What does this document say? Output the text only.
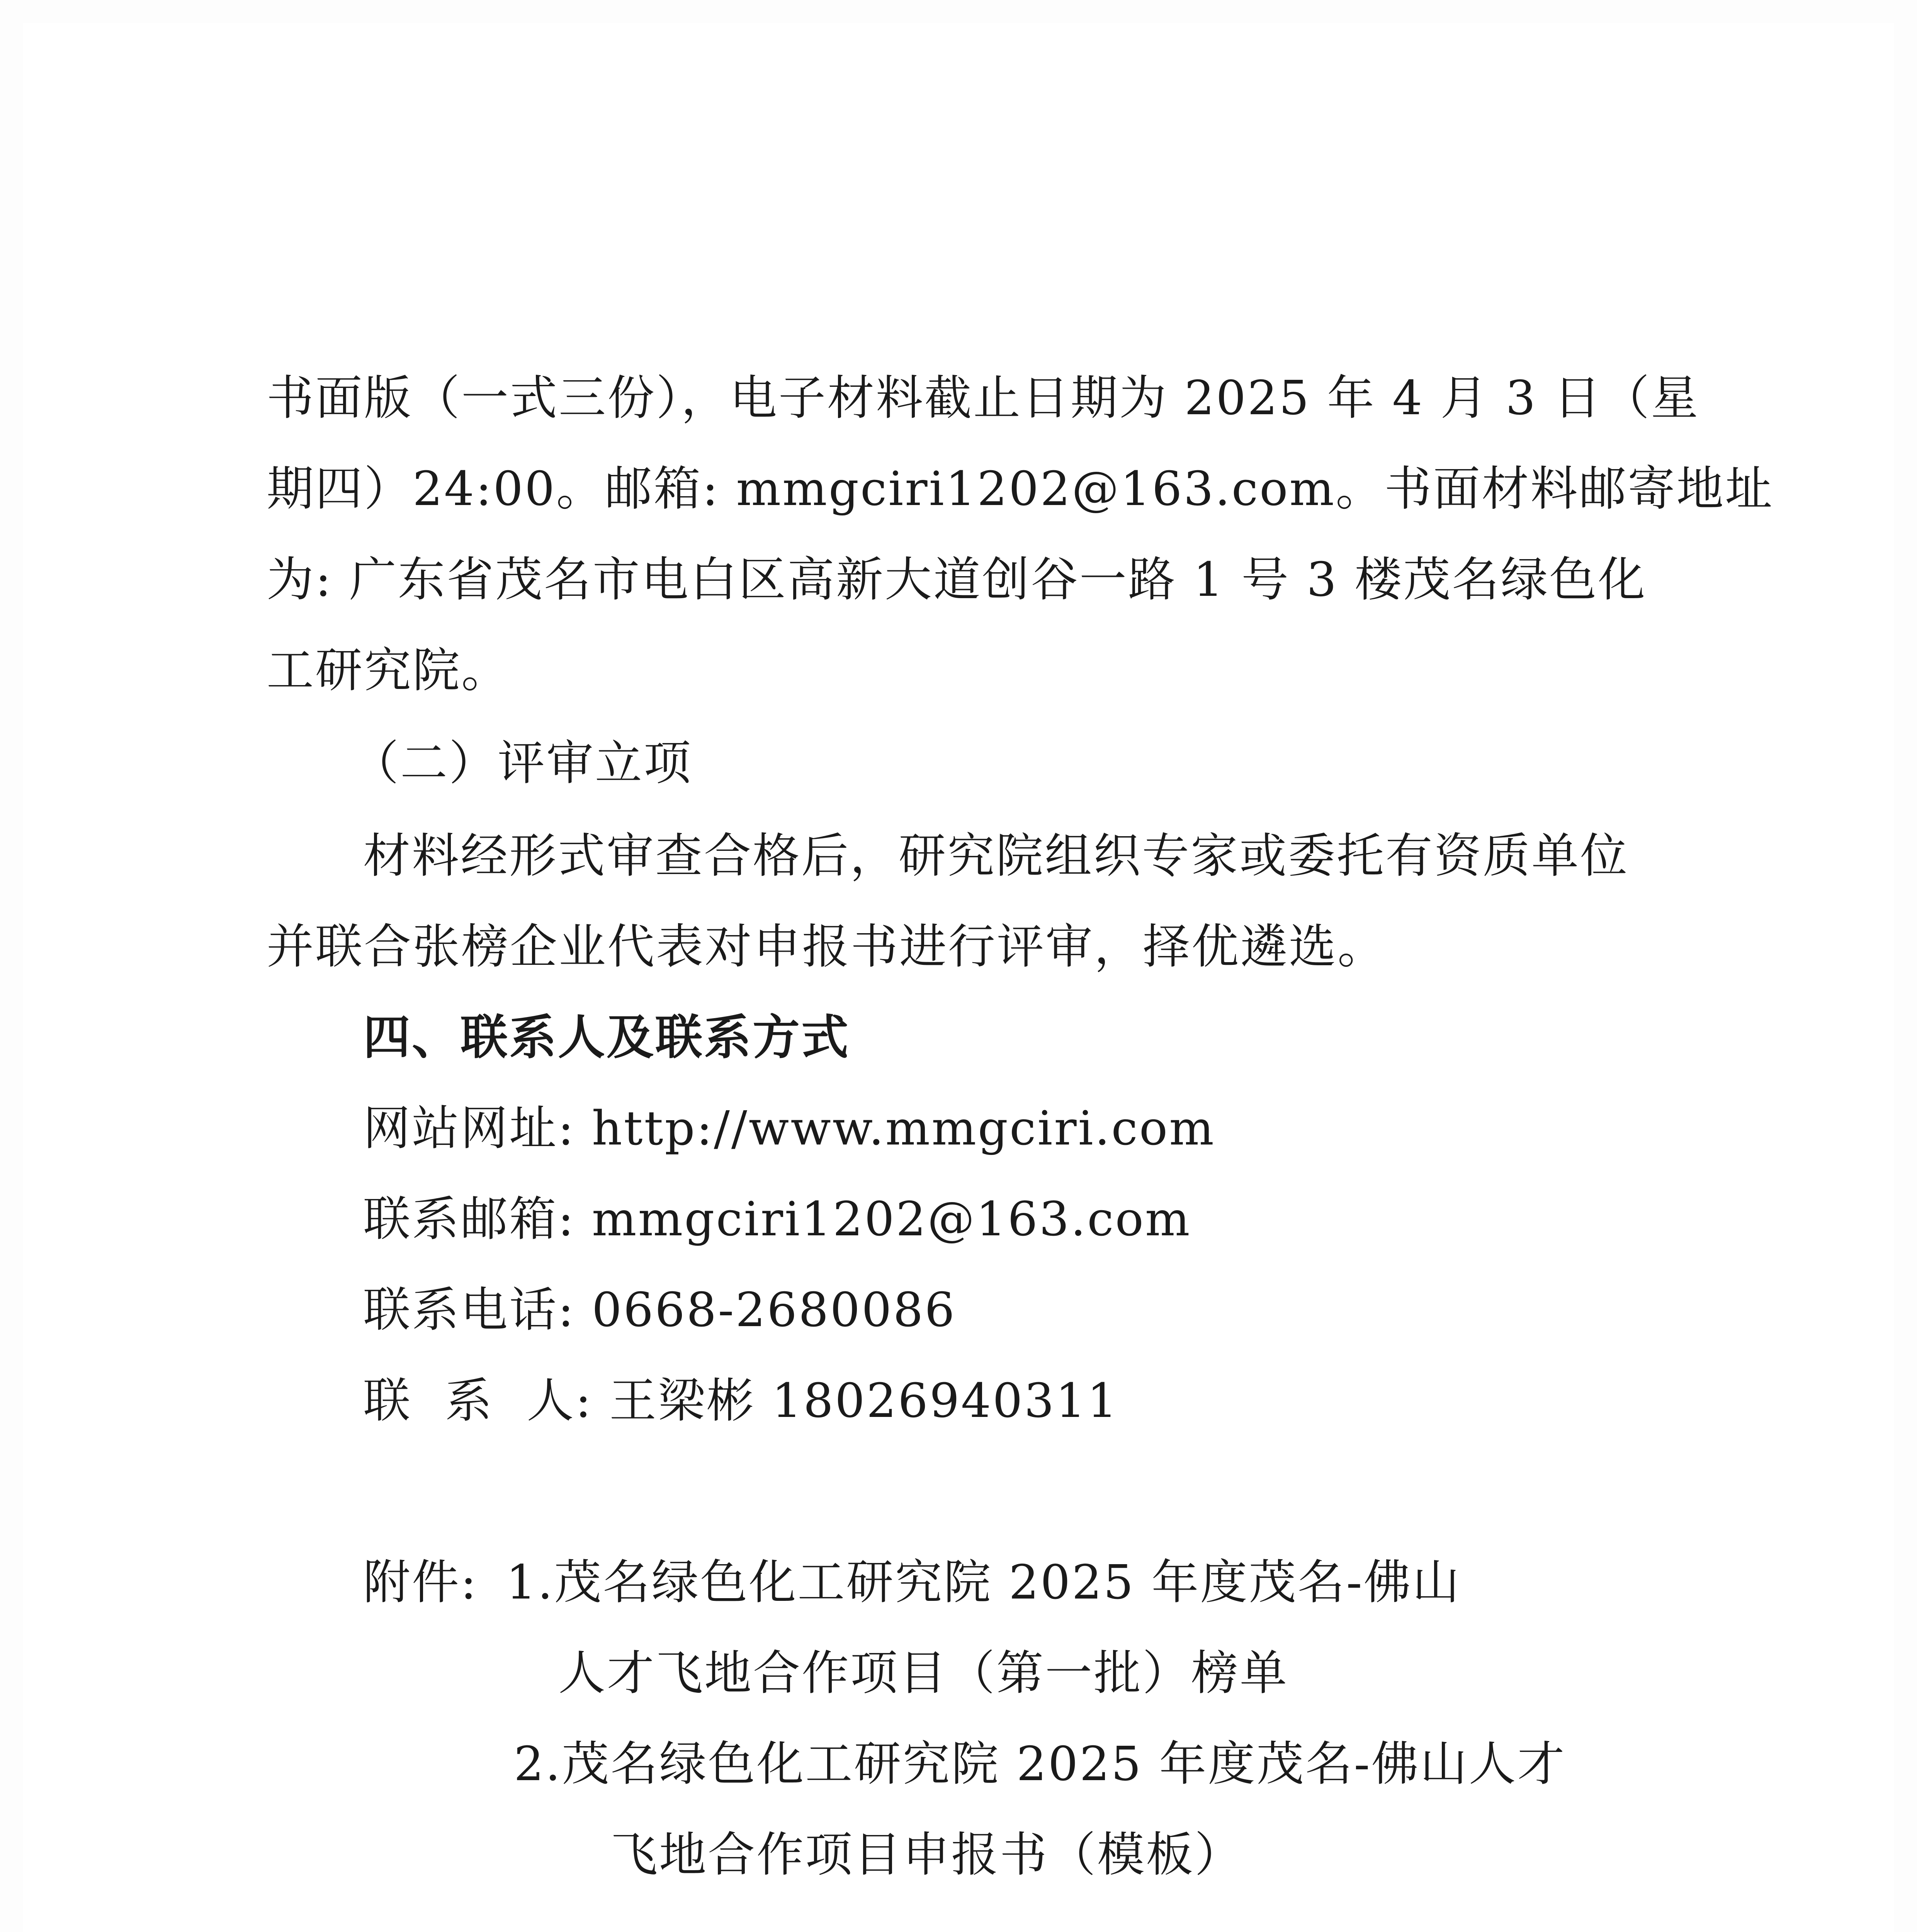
书面版（一式三份），电子材料截止日期为 2025 年 4 月 3 日（星
期四）24:00。邮箱: mmgciri1202@163.com。书面材料邮寄地址
为: 广东省茂名市电白区高新大道创谷一路 1 号 3 楼茂名绿色化
工研究院。
（二）评审立项
材料经形式审查合格后，研究院组织专家或委托有资质单位
并联合张榜企业代表对申报书进行评审，择优遴选。
四、联系人及联系方式
网站网址: http://www.mmgciri.com
联系邮箱: mmgciri1202@163.com
联系电话: 0668-2680086
联  系  人: 王梁彬 18026940311
附件: 1.茂名绿色化工研究院 2025 年度茂名-佛山
人才飞地合作项目（第一批）榜单
2.茂名绿色化工研究院 2025 年度茂名-佛山人才
飞地合作项目申报书（模板）
